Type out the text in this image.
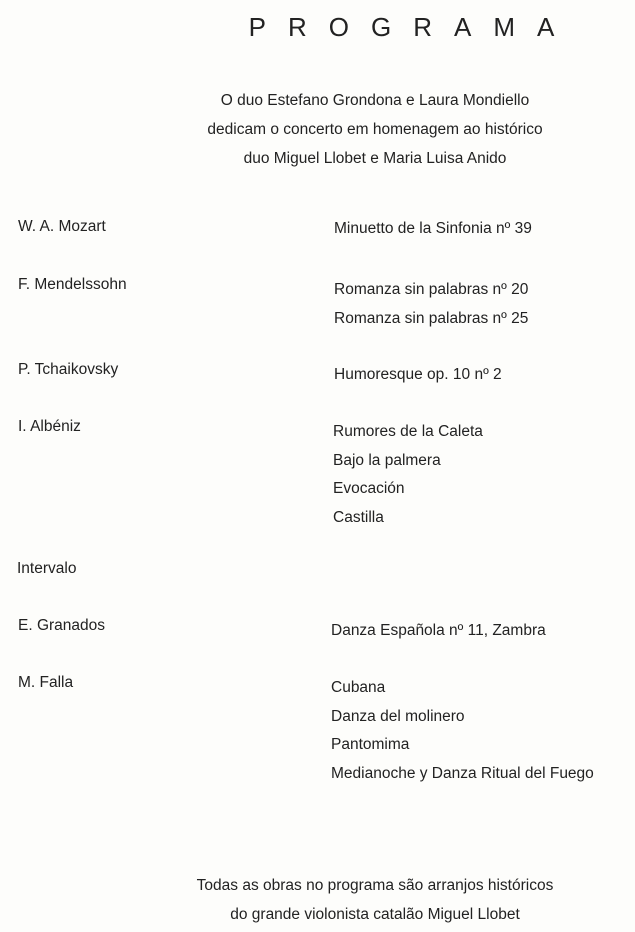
PROGRAMA
O duo Estefano Grondona e Laura Mondiello
dedicam o concerto em homenagem ao histórico
duo Miguel Llobet e Maria Luisa Anido
W. A. Mozart	Minuetto de la Sinfonia nº 39
F. Mendelssohn	Romanza sin palabras nº 20
Romanza sin palabras nº 25
P. Tchaikovsky	Humoresque op. 10 nº 2
I. Albéniz	Rumores de la Caleta
Bajo la palmera
Evocación
Castilla
Intervalo
E. Granados	Danza Española nº 11, Zambra
M. Falla	Cubana
Danza del molinero
Pantomima
Medianoche y Danza Ritual del Fuego
Todas as obras no programa são arranjos históricos
do grande violonista catalão Miguel Llobet
